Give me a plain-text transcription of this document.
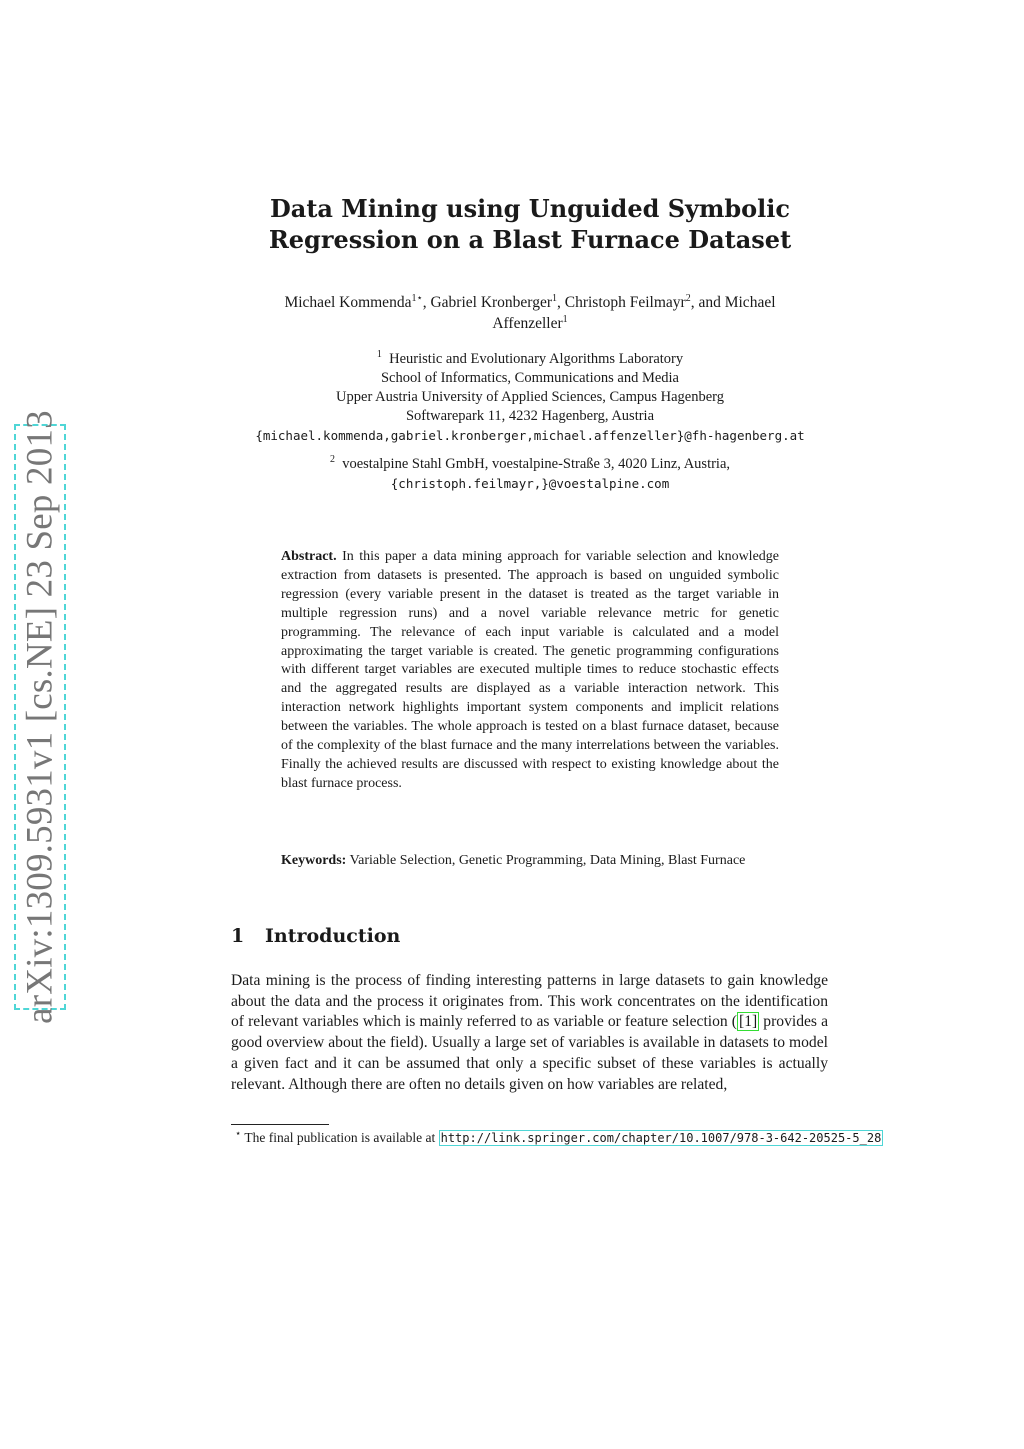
arXiv:1309.5931v1 [cs.NE] 23 Sep 2013
Data Mining using Unguided Symbolic
Regression on a Blast Furnace Dataset
Michael Kommenda$^{1⋆}$, Gabriel Kronberger$^1$, Christoph Feilmayr$^2$, and Michael
Affenzeller$^1$
$^1$ Heuristic and Evolutionary Algorithms Laboratory
School of Informatics, Communications and Media
Upper Austria University of Applied Sciences, Campus Hagenberg
Softwarepark 11, 4232 Hagenberg, Austria
{michael.kommenda,gabriel.kronberger,michael.affenzeller}@fh-hagenberg.at
$^2$ voestalpine Stahl GmbH, voestalpine-Straße 3, 4020 Linz, Austria,
{christoph.feilmayr,}@voestalpine.com
Abstract. In this paper a data mining approach for variable selection and knowledge extraction from datasets is presented. The approach is based on unguided symbolic regression (every variable present in the dataset is treated as the target variable in multiple regression runs) and a novel variable relevance metric for genetic programming. The relevance of each input variable is calculated and a model approximating the target variable is created. The genetic programming configurations with different target variables are executed multiple times to reduce stochastic effects and the aggregated results are displayed as a variable interaction network. This interaction network highlights important system components and implicit relations between the variables. The whole approach is tested on a blast furnace dataset, because of the complexity of the blast furnace and the many interrelations between the variables. Finally the achieved results are discussed with respect to existing knowledge about the blast furnace process.
Keywords: Variable Selection, Genetic Programming, Data Mining, Blast Furnace
1 Introduction
Data mining is the process of finding interesting patterns in large datasets to gain knowledge about the data and the process it originates from. This work concentrates on the identification of relevant variables which is mainly referred to as variable or feature selection ( [1] provides a good overview about the field). Usually a large set of variables is available in datasets to model a given fact and it can be assumed that only a specific subset of these variables is actually relevant. Although there are often no details given on how variables are related,
⋆ The final publication is available at http://link.springer.com/chapter/10.1007/978-3-642-20525-5_28
